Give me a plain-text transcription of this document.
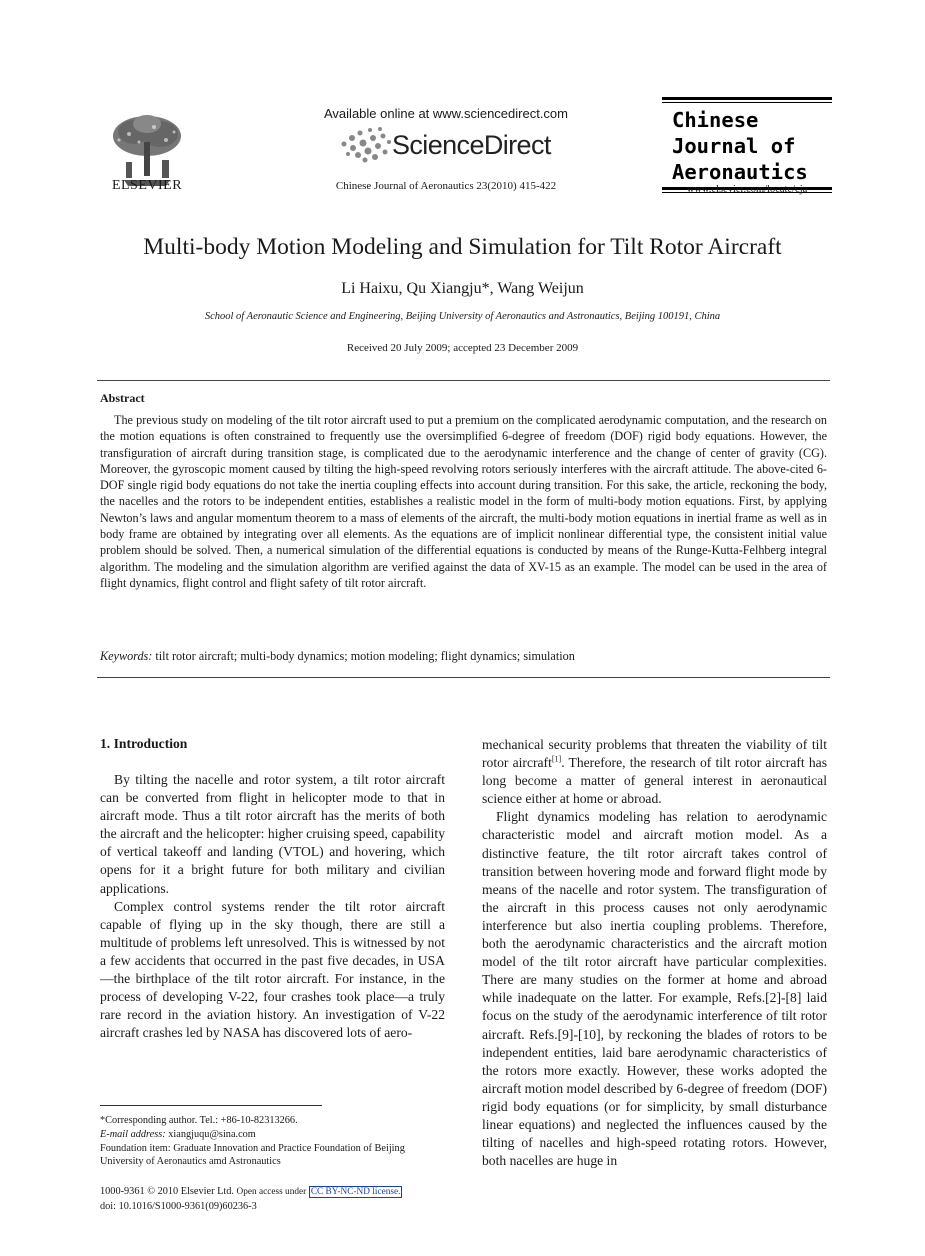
ELSEVIER
Available online at www.sciencedirect.com
ScienceDirect
Chinese Journal of Aeronautics 23(2010) 415-422
Chinese
Journal of
Aeronautics
www.elsevier.com/locate/cja
Multi-body Motion Modeling and Simulation for Tilt Rotor Aircraft
Li Haixu, Qu Xiangju*, Wang Weijun
School of Aeronautic Science and Engineering, Beijing University of Aeronautics and Astronautics, Beijing 100191, China
Received 20 July 2009; accepted 23 December 2009
Abstract
The previous study on modeling of the tilt rotor aircraft used to put a premium on the complicated aerodynamic computation, and the research on the motion equations is often constrained to frequently use the oversimplified 6-degree of freedom (DOF) rigid body equations. However, the transfiguration of aircraft during transition stage, is complicated due to the aerodynamic interference and the change of center of gravity (CG). Moreover, the gyroscopic moment caused by tilting the high-speed revolving rotors seriously interferes with the aircraft attitude. The above-cited 6-DOF single rigid body equations do not take the inertia coupling effects into account during transition. For this sake, the article, reckoning the body, the nacelles and the rotors to be independent entities, establishes a realistic model in the form of multi-body motion equations. First, by applying Newton’s laws and angular momentum theorem to a mass of elements of the aircraft, the multi-body motion equations in inertial frame as well as in body frame are obtained by integrating over all elements. As the equations are of implicit nonlinear differential type, the consistent initial value problem should be solved. Then, a numerical simulation of the differential equations is conducted by means of the Runge-Kutta-Felhberg integral algorithm. The modeling and the simulation algorithm are verified against the data of XV-15 as an example. The model can be used in the area of flight dynamics, flight control and flight safety of tilt rotor aircraft.
Keywords: tilt rotor aircraft; multi-body dynamics; motion modeling; flight dynamics; simulation
1. Introduction

By tilting the nacelle and rotor system, a tilt rotor aircraft can be converted from flight in helicopter mode to that in aircraft mode. Thus a tilt rotor aircraft has the merits of both the aircraft and the helicopter: higher cruising speed, capability of vertical takeoff and landing (VTOL) and hovering, which opens for it a bright future for both military and civilian applications.

Complex control systems render the tilt rotor aircraft capable of flying up in the sky though, there are still a multitude of problems left unresolved. This is witnessed by not a few accidents that occurred in the past five decades, in USA—the birthplace of the tilt rotor aircraft. For instance, in the process of developing V-22, four crashes took place—a truly rare record in the aviation history. An investigation of V-22 aircraft crashes led by NASA has discovered lots of aero-

mechanical security problems that threaten the viability of tilt rotor aircraft[1]. Therefore, the research of tilt rotor aircraft has long become a matter of general interest in aeronautical science either at home or abroad.

Flight dynamics modeling has relation to aerodynamic characteristic model and aircraft motion model. As a distinctive feature, the tilt rotor aircraft takes control of transition between hovering mode and forward flight mode by means of the nacelle and rotor system. The transfiguration of the aircraft in this process causes not only aerodynamic interference but also inertia coupling problems. Therefore, both the aerodynamic characteristics and the aircraft motion model of the tilt rotor aircraft have particular complexities. There are many studies on the former at home and abroad while inadequate on the latter. For example, Refs.[2]-[8] laid focus on the study of the aerodynamic interference of tilt rotor aircraft. Refs.[9]-[10], by reckoning the blades of rotors to be independent entities, laid bare aerodynamic characteristics of the rotors more exactly. However, these works adopted the aircraft motion model described by 6-degree of freedom (DOF) rigid body equations (or for simplicity, by small disturbance linear equations) and neglected the influences caused by the tilting of nacelles and high-speed rotating rotors. However, both nacelles are huge in

*Corresponding author. Tel.: +86-10-82313266.
E-mail address: xiangjuqu@sina.com
Foundation item: Graduate Innovation and Practice Foundation of Beijing University of Aeronautics amd Astronautics
1000-9361 © 2010 Elsevier Ltd. Open access under CC BY-NC-ND license.
doi: 10.1016/S1000-9361(09)60236-3
